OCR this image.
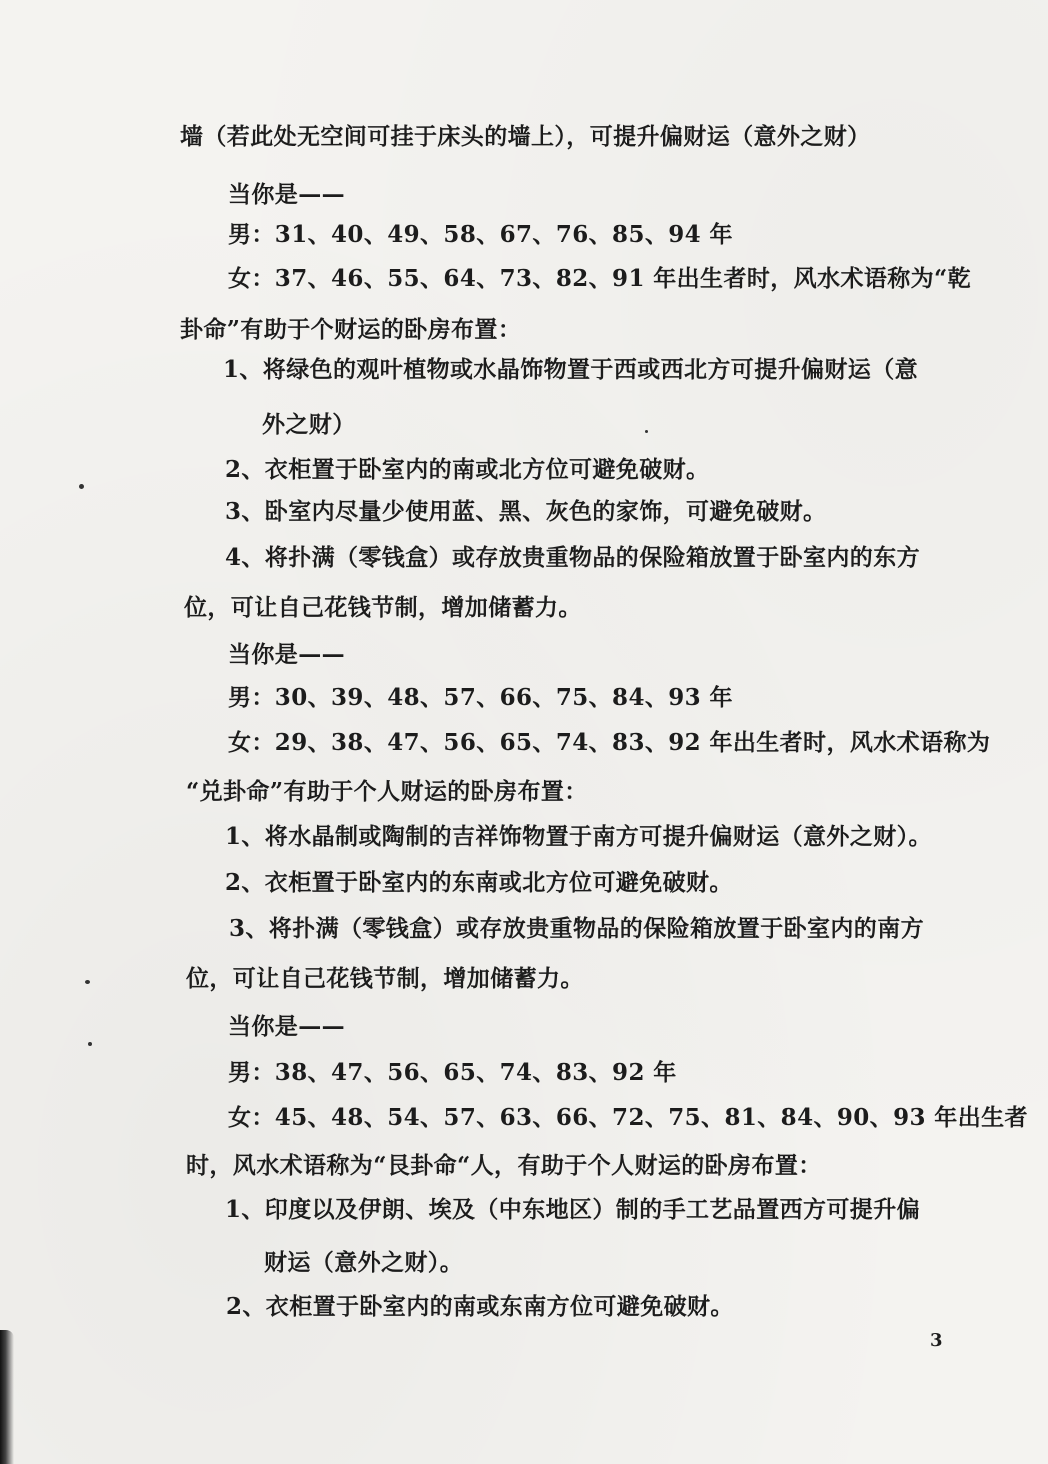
墙（若此处无空间可挂于床头的墙上），可提升偏财运（意外之财）
当你是——
男：31、40、49、58、67、76、85、94 年
女：37、46、55、64、73、82、91 年出生者时，风水术语称为“乾
卦命”有助于个财运的卧房布置：
1、将绿色的观叶植物或水晶饰物置于西或西北方可提升偏财运（意
外之财）
2、衣柜置于卧室内的南或北方位可避免破财。
3、卧室内尽量少使用蓝、黑、灰色的家饰，可避免破财。
4、将扑满（零钱盒）或存放贵重物品的保险箱放置于卧室内的东方
位，可让自己花钱节制，增加储蓄力。
当你是——
男：30、39、48、57、66、75、84、93 年
女：29、38、47、56、65、74、83、92 年出生者时，风水术语称为
“兑卦命”有助于个人财运的卧房布置：
1、将水晶制或陶制的吉祥饰物置于南方可提升偏财运（意外之财）。
2、衣柜置于卧室内的东南或北方位可避免破财。
3、将扑满（零钱盒）或存放贵重物品的保险箱放置于卧室内的南方
位，可让自己花钱节制，增加储蓄力。
当你是——
男：38、47、56、65、74、83、92 年
女：45、48、54、57、63、66、72、75、81、84、90、93 年出生者
时，风水术语称为“艮卦命“人，有助于个人财运的卧房布置：
1、印度以及伊朗、埃及（中东地区）制的手工艺品置西方可提升偏
财运（意外之财）。
2、衣柜置于卧室内的南或东南方位可避免破财。
3
